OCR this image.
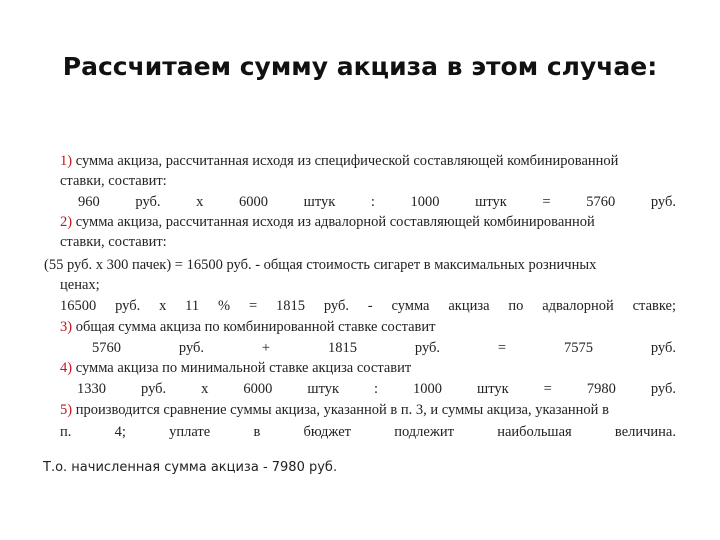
Рассчитаем сумму акциза в этом случае:
1) сумма акциза, рассчитанная исходя из специфической составляющей комбинированной
ставки, составит:
960 руб. х 6000 штук : 1000 штук = 5760 руб.
2) сумма акциза, рассчитанная исходя из адвалорной составляющей комбинированной
ставки, составит:
(55 руб. х 300 пачек) = 16500 руб. - общая стоимость сигарет в максимальных розничных
ценах;
16500 руб. х 11 % = 1815 руб. - сумма акциза по адвалорной ставке;
3) общая сумма акциза по комбинированной ставке составит
5760 руб. + 1815 руб. = 7575 руб.
4) сумма акциза по минимальной ставке акциза составит
1330 руб. х 6000 штук : 1000 штук = 7980 руб.
5) производится сравнение суммы акциза, указанной в п. 3, и суммы акциза, указанной в
п. 4; уплате в бюджет подлежит наибольшая величина.
Т.о. начисленная сумма акциза - 7980 руб.
